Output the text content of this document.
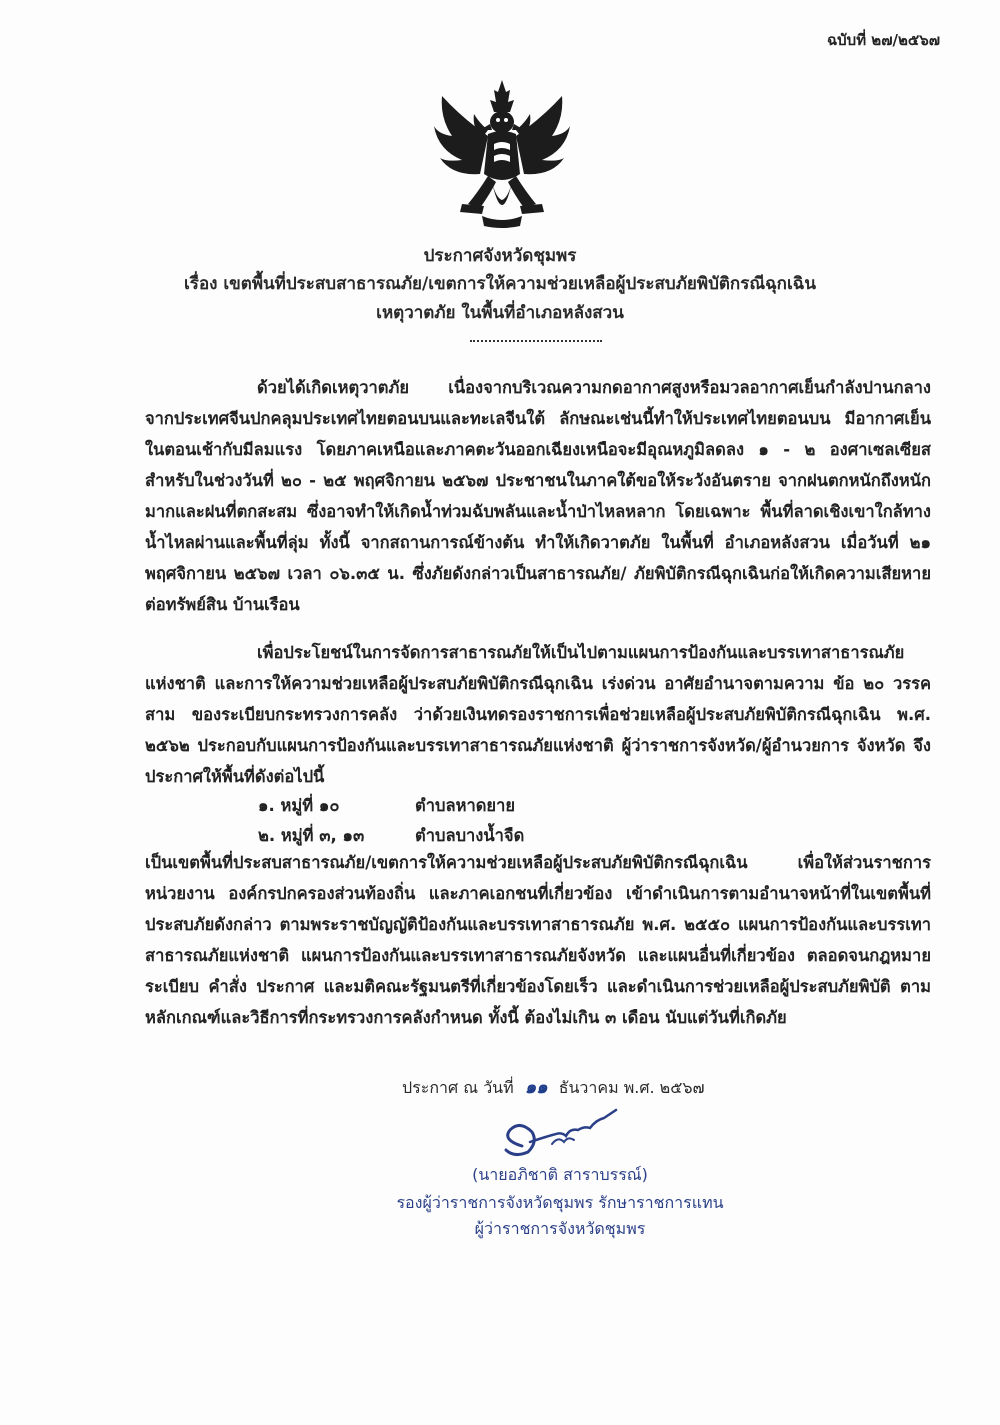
ฉบับที่ ๒๗/๒๕๖๗
ประกาศจังหวัดชุมพร
เรื่อง เขตพื้นที่ประสบสาธารณภัย/เขตการให้ความช่วยเหลือผู้ประสบภัยพิบัติกรณีฉุกเฉิน
เหตุวาตภัย ในพื้นที่อำเภอหลังสวน
ด้วยได้เกิดเหตุวาตภัย เนื่องจากบริเวณความกดอากาศสูงหรือมวลอากาศเย็นกำลังปานกลาง จากประเทศจีนปกคลุมประเทศไทยตอนบนและทะเลจีนใต้ ลักษณะเช่นนี้ทำให้ประเทศไทยตอนบน มีอากาศเย็นในตอนเช้ากับมีลมแรง โดยภาคเหนือและภาคตะวันออกเฉียงเหนือจะมีอุณหภูมิลดลง ๑ - ๒ องศาเซลเซียส สำหรับในช่วงวันที่ ๒๐ - ๒๕ พฤศจิกายน ๒๕๖๗ ประชาชนในภาคใต้ขอให้ระวังอันตราย จากฝนตกหนักถึงหนักมากและฝนที่ตกสะสม ซึ่งอาจทำให้เกิดน้ำท่วมฉับพลันและน้ำป่าไหลหลาก โดยเฉพาะ พื้นที่ลาดเชิงเขาใกล้ทางน้ำไหลผ่านและพื้นที่ลุ่ม ทั้งนี้ จากสถานการณ์ข้างต้น ทำให้เกิดวาตภัย ในพื้นที่ อำเภอหลังสวน เมื่อวันที่ ๒๑ พฤศจิกายน ๒๕๖๗ เวลา ๐๖.๓๕ น. ซึ่งภัยดังกล่าวเป็นสาธารณภัย/ ภัยพิบัติกรณีฉุกเฉินก่อให้เกิดความเสียหายต่อทรัพย์สิน บ้านเรือน
เพื่อประโยชน์ในการจัดการสาธารณภัยให้เป็นไปตามแผนการป้องกันและบรรเทาสาธารณภัย แห่งชาติ และการให้ความช่วยเหลือผู้ประสบภัยพิบัติกรณีฉุกเฉิน เร่งด่วน อาศัยอำนาจตามความ ข้อ ๒๐ วรรคสาม ของระเบียบกระทรวงการคลัง ว่าด้วยเงินทดรองราชการเพื่อช่วยเหลือผู้ประสบภัยพิบัติกรณีฉุกเฉิน พ.ศ. ๒๕๖๒ ประกอบกับแผนการป้องกันและบรรเทาสาธารณภัยแห่งชาติ ผู้ว่าราชการจังหวัด/ผู้อำนวยการ จังหวัด จึงประกาศให้พื้นที่ดังต่อไปนี้
๑. หมู่ที่ ๑๐	ตำบลหาดยาย
๒. หมู่ที่ ๓, ๑๓	ตำบลบางน้ำจืด
เป็นเขตพื้นที่ประสบสาธารณภัย/เขตการให้ความช่วยเหลือผู้ประสบภัยพิบัติกรณีฉุกเฉิน เพื่อให้ส่วนราชการ หน่วยงาน องค์กรปกครองส่วนท้องถิ่น และภาคเอกชนที่เกี่ยวข้อง เข้าดำเนินการตามอำนาจหน้าที่ในเขตพื้นที่ ประสบภัยดังกล่าว ตามพระราชบัญญัติป้องกันและบรรเทาสาธารณภัย พ.ศ. ๒๕๕๐ แผนการป้องกันและบรรเทา สาธารณภัยแห่งชาติ แผนการป้องกันและบรรเทาสาธารณภัยจังหวัด และแผนอื่นที่เกี่ยวข้อง ตลอดจนกฎหมาย ระเบียบ คำสั่ง ประกาศ และมติคณะรัฐมนตรีที่เกี่ยวข้องโดยเร็ว และดำเนินการช่วยเหลือผู้ประสบภัยพิบัติ ตามหลักเกณฑ์และวิธีการที่กระทรวงการคลังกำหนด ทั้งนี้ ต้องไม่เกิน ๓ เดือน นับแต่วันที่เกิดภัย
ประกาศ ณ วันที่ ๑๑ ธันวาคม พ.ศ. ๒๕๖๗
(นายอภิชาติ สาราบรรณ์)
รองผู้ว่าราชการจังหวัดชุมพร รักษาราชการแทน
ผู้ว่าราชการจังหวัดชุมพร
